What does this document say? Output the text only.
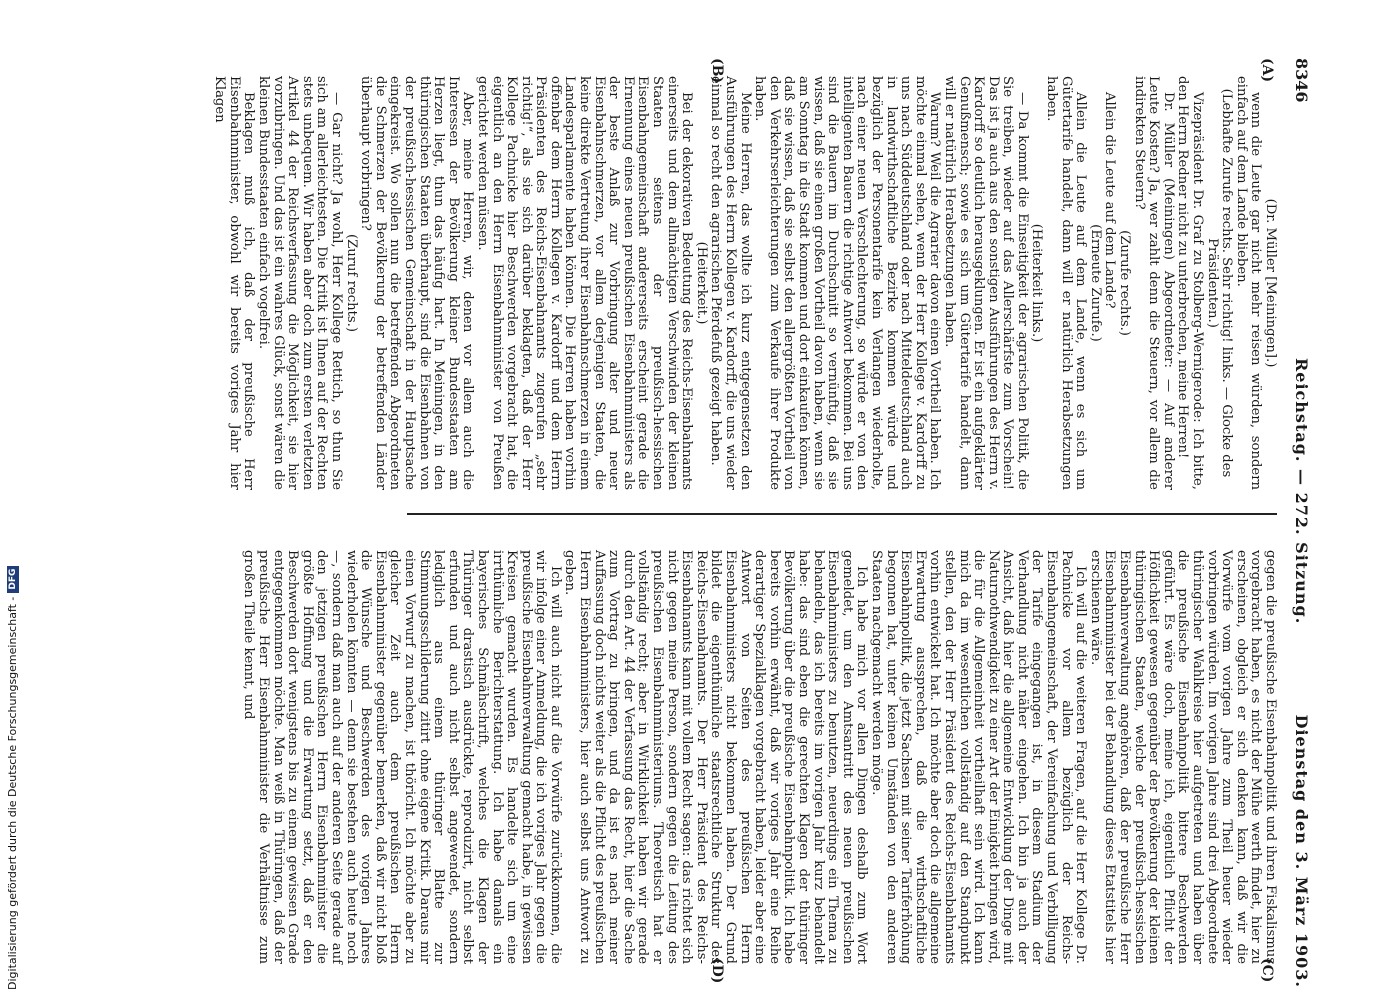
8346
Reichstag. — 272. Sitzung.
Dienstag den 3. März 1903.
(A)
(B)
(C)
(D)

(Dr. Müller [Meiningen].)

wenn die Leute gar nicht mehr reisen würden, sondern einfach auf dem Lande blieben.

(Lebhafte Zurufe rechts. Sehr richtig! links. — Glocke des Präsidenten.)

Vizepräsident Dr. Graf zu Stolberg-Wernigerode: Ich bitte, den Herrn Redner nicht zu unterbrechen, meine Herren!

Dr. Müller (Meiningen) Abgeordneter: — Auf anderer Leute Kosten? Ja, wer zahlt denn die Steuern, vor allem die indirekten Steuern?

(Zurufe rechts.)

Allein die Leute auf dem Lande?

(Erneute Zurufe.)

Allein die Leute auf dem Lande, wenn es sich um Gütertarife handelt, dann will er natürlich Herabsetzungen haben.

(Heiterkeit links.)

— Da kommt die Einseitigkeit der agrarischen Politik, die Sie treiben, wieder auf das Allerschärfste zum Vorschein! Das ist ja auch aus den sonstigen Ausführungen des Herrn v. Kardorff so deutlich herausgeklungen. Er ist ein aufgeklärter Genußmensch; sowie es sich um Gütertarife handelt, dann will er natürlich Herabsetzungen haben.

Warum? Weil die Agrarier davon einen Vortheil haben. Ich möchte einmal sehen, wenn der Herr Kollege v. Kardorff zu uns nach Süddeutschland oder nach Mitteldeutschland auch in landwirthschaftliche Bezirke kommen würde und bezüglich der Personentarife kein Verlangen wiederholte, nach einer neuen Verschlechterung, so würde er von den intelligenten Bauern die richtige Antwort bekommen. Bei uns sind die Bauern im Durchschnitt so vernünftig, daß sie wissen, daß sie einen großen Vortheil davon haben, wenn sie am Sonntag in die Stadt kommen und dort einkaufen können, daß sie wissen, daß sie selbst den allergrößten Vortheil von den Verkehrserleichterungen zum Verkaufe ihrer Produkte haben.

Meine Herren, das wollte ich kurz entgegensetzen den Ausführungen des Herrn Kollegen v. Kardorff, die uns wieder einmal so recht den agrarischen Pferdefuß gezeigt haben.

(Heiterkeit.)

Bei der dekorativen Bedeutung des Reichs-Eisenbahnamts einerseits und dem allmächtigen Verschwinden der kleinen Staaten seitens der preußisch-hessischen Eisenbahngemeinschaft andererseits erscheint gerade die Ernennung eines neuen preußischen Eisenbahnministers als der beste Anlaß zur Vorbringung alter und neuer Eisenbahnschmerzen, vor allem derjenigen Staaten, die keine direkte Vertretung ihrer Eisenbahnschmerzen in einem Landesparlamente haben können. Die Herren haben vorhin offenbar dem Herrn Kollegen v. Kardorff und dem Herrn Präsidenten des Reichs-Eisenbahnamts zugerufen „sehr richtig!“, als sie sich darüber beklagten, daß der Herr Kollege Pachnicke hier Beschwerden vorgebracht hat, die eigentlich an den Herrn Eisenbahnminister von Preußen gerichtet werden müssen.

Aber, meine Herren, wir, denen vor allem auch die Interessen der Bevölkerung kleiner Bundesstaaten am Herzen liegt, thun das häufig hart. In Meiningen, in den thüringischen Staaten überhaupt, sind die Eisenbahnen von der preußisch-hessischen Gemeinschaft in der Hauptsache eingekreist. Wo sollen nun die betreffenden Abgeordneten die Schmerzen der Bevölkerung der betreffenden Länder überhaupt vorbringen?

(Zuruf rechts.)

— Gar nicht? Ja wohl, Herr Kollege Rettich, so thun Sie sich am allerleichtesten. Die Kritik ist Ihnen auf der Rechten stets unbequem. Wir haben aber doch zum ersten verletzten Artikel 44 der Reichsverfassung die Möglichkeit, sie hier vorzubringen. Und das ist ein wahres Glück, sonst wären die kleinen Bundesstaaten einfach vogelfrei.

Beklagen muß ich, daß der preußische Herr Eisenbahnminister, obwohl wir bereits voriges Jahr hier Klagen

gegen die preußische Eisenbahnpolitik und ihren Fiskalismus vorgebracht haben, es nicht der Mühe werth findet, hier zu erscheinen, obgleich er sich denken kann, daß wir die Vorwürfe vom vorigen Jahre zum Theil heuer wieder vorbringen würden. Im vorigen Jahre sind drei Abgeordnete thüringischer Wahlkreise hier aufgetreten und haben über die preußische Eisenbahnpolitik bittere Beschwerden geführt. Es wäre doch, meine ich, eigentlich Pflicht der Höflichkeit gewesen gegenüber der Bevölkerung der kleinen thüringischen Staaten, welche der preußisch-hessischen Eisenbahnverwaltung angehören, daß der preußische Herr Eisenbahnminister bei der Behandlung dieses Etatstitels hier erschienen wäre.

Ich will auf die weiteren Fragen, auf die Herr Kollege Dr. Pachnicke vor allem bezüglich der Reichs-Eisenbahngemeinschaft, der Vereinfachung und Verbilligung der Tarife eingegangen ist, in diesem Stadium der Verhandlung nicht näher eingehen. Ich bin ja auch der Ansicht, daß hier die allgemeine Entwicklung der Dinge mit Naturnothwendigkeit zu einer Art der Einigkeit bringen wird, die für die Allgemeinheit vortheilhaft sein wird. Ich kann mich da im wesentlichen vollständig auf den Standpunkt stellen, den der Herr Präsident des Reichs-Eisenbahnamts vorhin entwickelt hat. Ich möchte aber doch die allgemeine Erwartung aussprechen, daß die wirthschaftliche Eisenbahnpolitik, die jetzt Sachsen mit seiner Tariferhöhung begonnen hat, unter keinen Umständen von den anderen Staaten nachgemacht werden möge.

Ich habe mich vor allen Dingen deshalb zum Wort gemeldet, um den Amtsantritt des neuen preußischen Eisenbahnministers zu benutzen, neuerdings ein Thema zu behandeln, das ich bereits im vorigen Jahr kurz behandelt habe: das sind eben die gerechten Klagen der thüringer Bevölkerung über die preußische Eisenbahnpolitik. Ich habe bereits vorhin erwähnt, daß wir voriges Jahr eine Reihe derartiger Spezialklagen vorgebracht haben, leider aber eine Antwort von Seiten des preußischen Herrn Eisenbahnministers nicht bekommen haben. Der Grund bildet die eigenthümliche staatsrechtliche Struktur des Reichs-Eisenbahnamts. Der Herr Präsident des Reichs-Eisenbahnamts kann mit vollem Recht sagen: das richtet sich nicht gegen meine Person, sondern gegen die Leitung des preußischen Eisenbahnministeriums. Theoretisch hat er vollständig recht; aber in Wirklichkeit haben wir gerade durch den Art. 44 der Verfassung das Recht, hier die Sache zum Vortrag zu bringen, und da ist es nach meiner Auffassung doch nichts weiter als die Pflicht des preußischen Herrn Eisenbahnministers, hier auch selbst uns Antwort zu geben.

Ich will auch nicht auf die Vorwürfe zurückkommen, die wir infolge einer Anmeldung, die ich voriges Jahr gegen die preußische Eisenbahnverwaltung gemacht habe, in gewissen Kreisen gemacht wurden. Es handelte sich um eine irrthümliche Berichterstattung. Ich habe damals ein bayerisches Schmähschrift, welches die Klagen der Thüringer drastisch ausdrückte, reproduzirt, nicht selbst erfunden und auch nicht selbst angewendet, sondern lediglich aus einem thüringer Blatte zur Stimmungsschilderung zitirt ohne eigene Kritik. Daraus mir einen Vorwurf zu machen, ist thöricht. Ich möchte aber zu gleicher Zeit auch dem preußischen Herrn Eisenbahnminister gegenüber bemerken, daß wir nicht bloß die Wünsche und Beschwerden des vorigen Jahres wiederholen könnten — denn sie bestehen auch heute noch —, sondern daß man auch auf der anderen Seite gerade auf den jetzigen preußischen Herrn Eisenbahnminister die größte Hoffnung und die Erwartung setzt, daß er den Beschwerden dort wenigstens bis zu einem gewissen Grade entgegenkommen möchte. Man weiß in Thüringen, daß der preußische Herr Eisenbahnminister die Verhältnisse zum großen Theile kennt, und

Digitalisierung gefördert durch die Deutsche Forschungsgemeinschaft -
DFG
